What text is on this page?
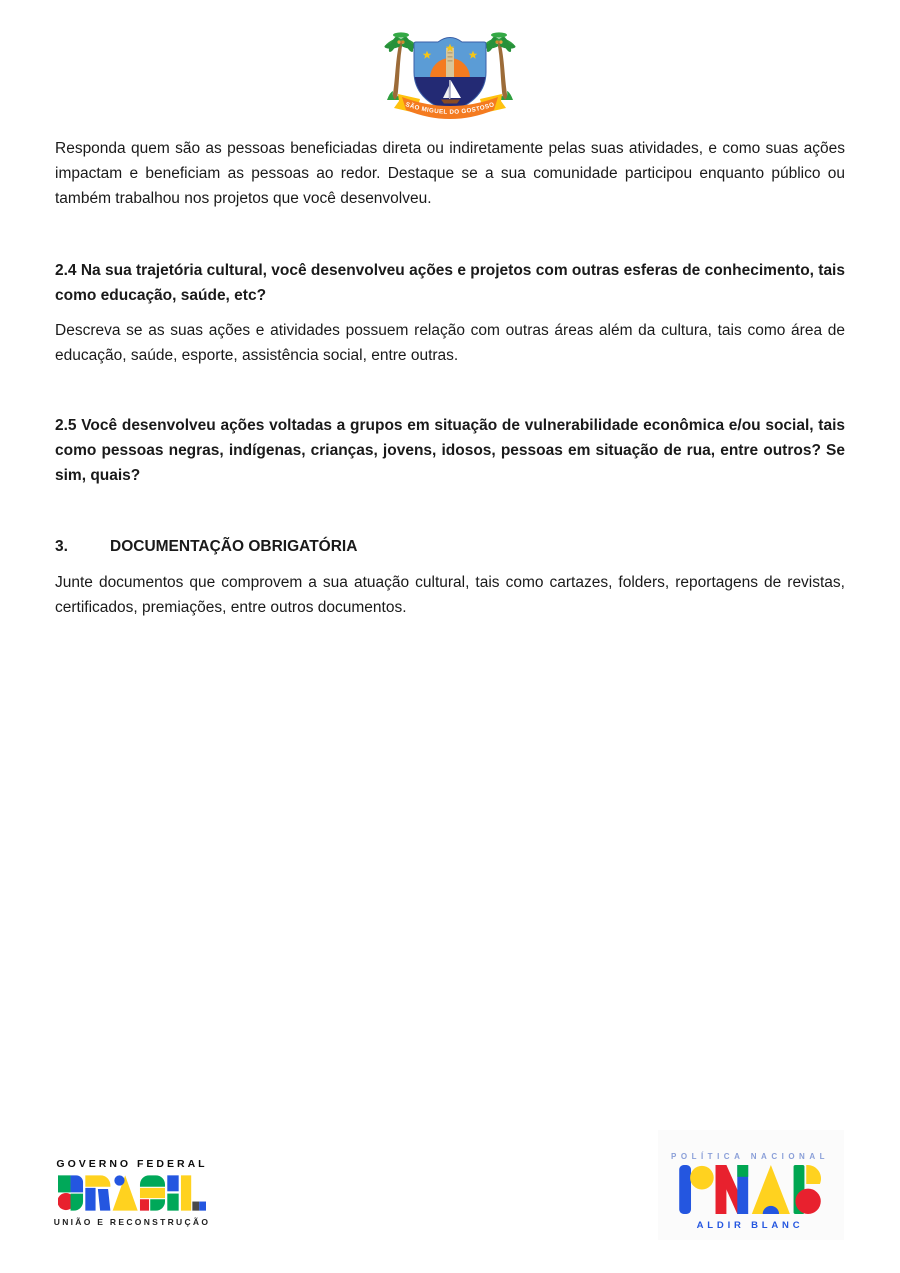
SÃO MIGUEL DO GOSTOSO

Responda quem são as pessoas beneficiadas direta ou indiretamente pelas suas atividades, e como suas ações impactam e beneficiam as pessoas ao redor. Destaque se a sua comunidade participou enquanto público ou também trabalhou nos projetos que você desenvolveu.

2.4 Na sua trajetória cultural, você desenvolveu ações e projetos com outras esferas de conhecimento, tais como educação, saúde, etc?

Descreva se as suas ações e atividades possuem relação com outras áreas além da cultura, tais como área de educação, saúde, esporte, assistência social, entre outras.

2.5 Você desenvolveu ações voltadas a grupos em situação de vulnerabilidade econômica e/ou social, tais como pessoas negras, indígenas, crianças, jovens, idosos, pessoas em situação de rua, entre outros? Se sim, quais?
3.	DOCUMENTAÇÃO OBRIGATÓRIA

Junte documentos que comprovem a sua atuação cultural, tais como cartazes, folders, reportagens de revistas, certificados, premiações, entre outros documentos.

GOVERNO FEDERAL
UNIÃO E RECONSTRUÇÃO
POLÍTICA NACIONAL
ALDIR BLANC
